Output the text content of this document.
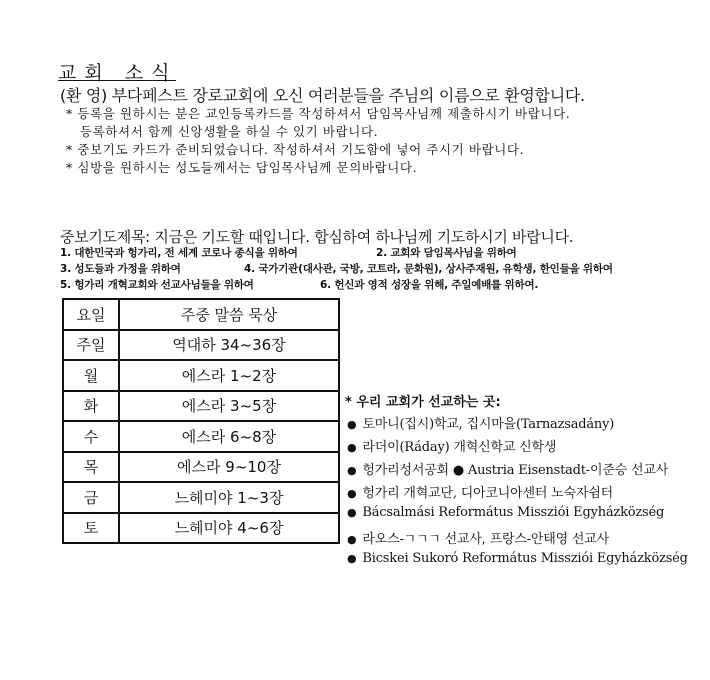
교회 소식
(환 영) 부다페스트 장로교회에 오신 여러분들을 주님의 이름으로 환영합니다.
* 등록을 원하시는 분은 교인등록카드를 작성하셔서 담임목사님께 제출하시기 바랍니다.
등록하셔서 함께 신앙생활을 하실 수 있기 바랍니다.
* 중보기도 카드가 준비되었습니다. 작성하셔서 기도함에 넣어 주시기 바랍니다.
* 심방을 원하시는 성도들께서는 담임목사님께 문의바랍니다.
중보기도제목: 지금은 기도할 때입니다. 합심하여 하나님께 기도하시기 바랍니다.
1. 대한민국과 헝가리, 전 세계 코로나 종식을 위하여	2. 교회와 담임목사님을 위하여
3. 성도들과 가정을 위하여	4. 국가기관(대사관, 국방, 코트라, 문화원), 상사주재원, 유학생, 한인들을 위하여
5. 헝가리 개혁교회와 선교사님들을 위하여	6. 헌신과 영적 성장을 위해, 주일예배를 위하여.
요일	주중 말씀 묵상
주일	역대하 34~36장
월	에스라 1~2장
화	에스라 3~5장
수	에스라 6~8장
목	에스라 9~10장
금	느헤미야 1~3장
토	느헤미야 4~6장
* 우리 교회가 선교하는 곳:
● 토마니(집시)학교, 집시마을(Tarnazsadány)
● 라더이(Ráday) 개혁신학교 신학생
● 헝가리성서공회 ● Austria Eisenstadt-이준승 선교사
● 헝가리 개혁교단, 디아코니아센터 노숙자쉼터
● Bácsalmási Református Missziói Egyházközség
● 라오스-ㄱㄱㄱ 선교사, 프랑스-안태영 선교사
● Bicskei Sukoró Református Missziói Egyházközség
